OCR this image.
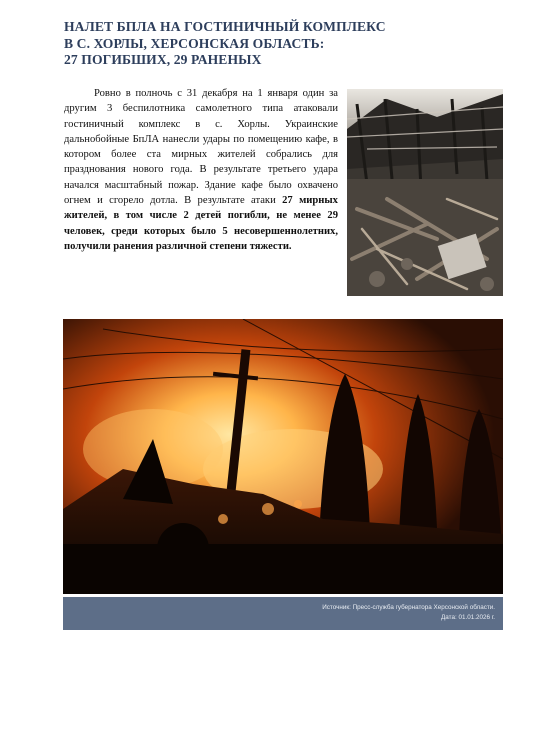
НАЛЕТ БПЛА НА ГОСТИНИЧНЫЙ КОМПЛЕКС
В С. ХОРЛЫ, ХЕРСОНСКАЯ ОБЛАСТЬ:
27 ПОГИБШИХ, 29 РАНЕНЫХ
Ровно в полночь с 31 декабря на 1 января один за другим 3 беспилотника самолетного типа атаковали гостиничный комплекс в с. Хорлы. Украинские дальнобойные БпЛА нанесли удары по помещению кафе, в котором более ста мирных жителей собрались для празднования нового года. В результате третьего удара начался масштабный пожар. Здание кафе было охвачено огнем и сгорело дотла. В результате атаки 27 мирных жителей, в том числе 2 детей погибли, не менее 29 человек, среди которых было 5 несовершеннолетних, получили ранения различной степени тяжести.
Источник: Пресс-служба губернатора Херсонской области.
Дата: 01.01.2026 г.
